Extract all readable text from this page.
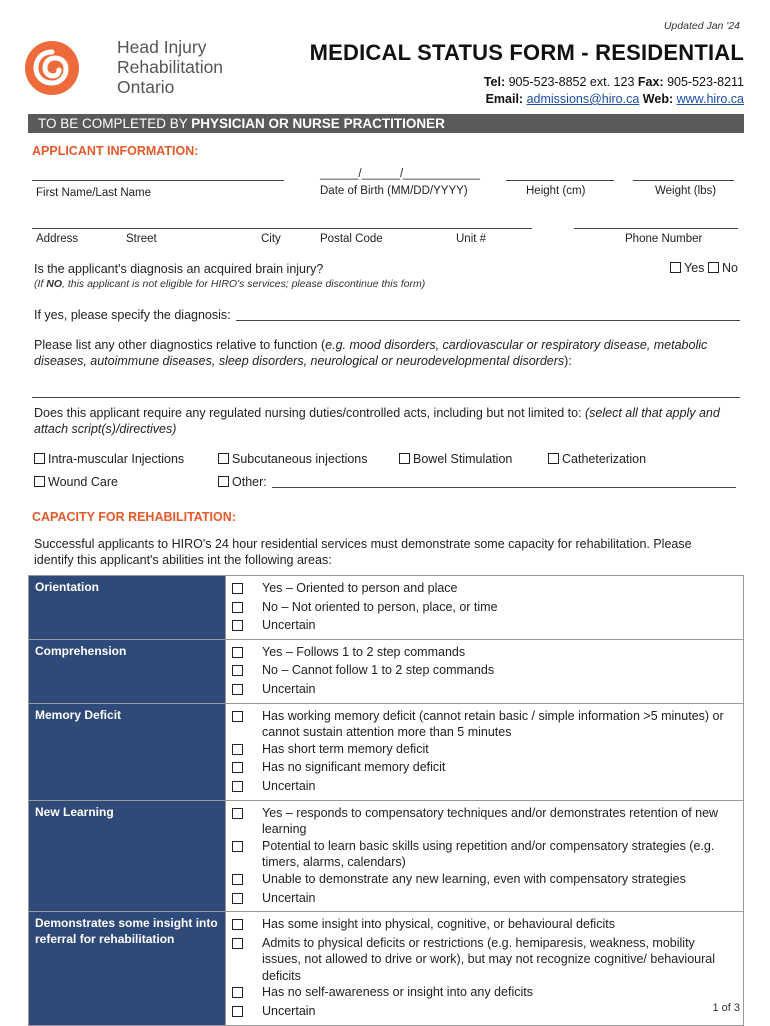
Updated Jan '24
Head Injury
Rehabilitation
Ontario
MEDICAL STATUS FORM - RESIDENTIAL
Tel: 905-523-8852 ext. 123 Fax: 905-523-8211
Email: admissions@hiro.ca Web: www.hiro.ca
TO BE COMPLETED BY PHYSICIAN OR NURSE PRACTITIONER
APPLICANT INFORMATION:
First Name/Last Name
______/______/____________
Date of Birth (MM/DD/YYYY)	Height (cm)	Weight (lbs)
Address	Street	City	Postal Code	Unit #	Phone Number
Is the applicant's diagnosis an acquired brain injury?	Yes	No
(If NO, this applicant is not eligible for HIRO's services; please discontinue this form)
If yes, please specify the diagnosis:
Please list any other diagnostics relative to function (e.g. mood disorders, cardiovascular or respiratory disease, metabolic diseases, autoimmune diseases, sleep disorders, neurological or neurodevelopmental disorders):
Does this applicant require any regulated nursing duties/controlled acts, including but not limited to: (select all that apply and attach script(s)/directives)
Intra-muscular Injections	Subcutaneous injections	Bowel Stimulation	Catheterization
Wound Care	Other:
CAPACITY FOR REHABILITATION:
Successful applicants to HIRO's 24 hour residential services must demonstrate some capacity for rehabilitation. Please identify this applicant's abilities int the following areas:
Orientation	Yes – Oriented to person and place
No – Not oriented to person, place, or time
Uncertain

Comprehension	Yes – Follows 1 to 2 step commands
No – Cannot follow 1 to 2 step commands
Uncertain

Memory Deficit	Has working memory deficit (cannot retain basic / simple information >5 minutes) or cannot sustain attention more than 5 minutes
Has short term memory deficit
Has no significant memory deficit
Uncertain

New Learning	Yes – responds to compensatory techniques and/or demonstrates retention of new learning
Potential to learn basic skills using repetition and/or compensatory strategies (e.g. timers, alarms, calendars)
Unable to demonstrate any new learning, even with compensatory strategies
Uncertain

Demonstrates some insight into referral for rehabilitation	Has some insight into physical, cognitive, or behavioural deficits
Admits to physical deficits or restrictions (e.g. hemiparesis, weakness, mobility issues, not allowed to drive or work), but may not recognize cognitive/ behavioural deficits
Has no self-awareness or insight into any deficits
Uncertain	1 of 3
